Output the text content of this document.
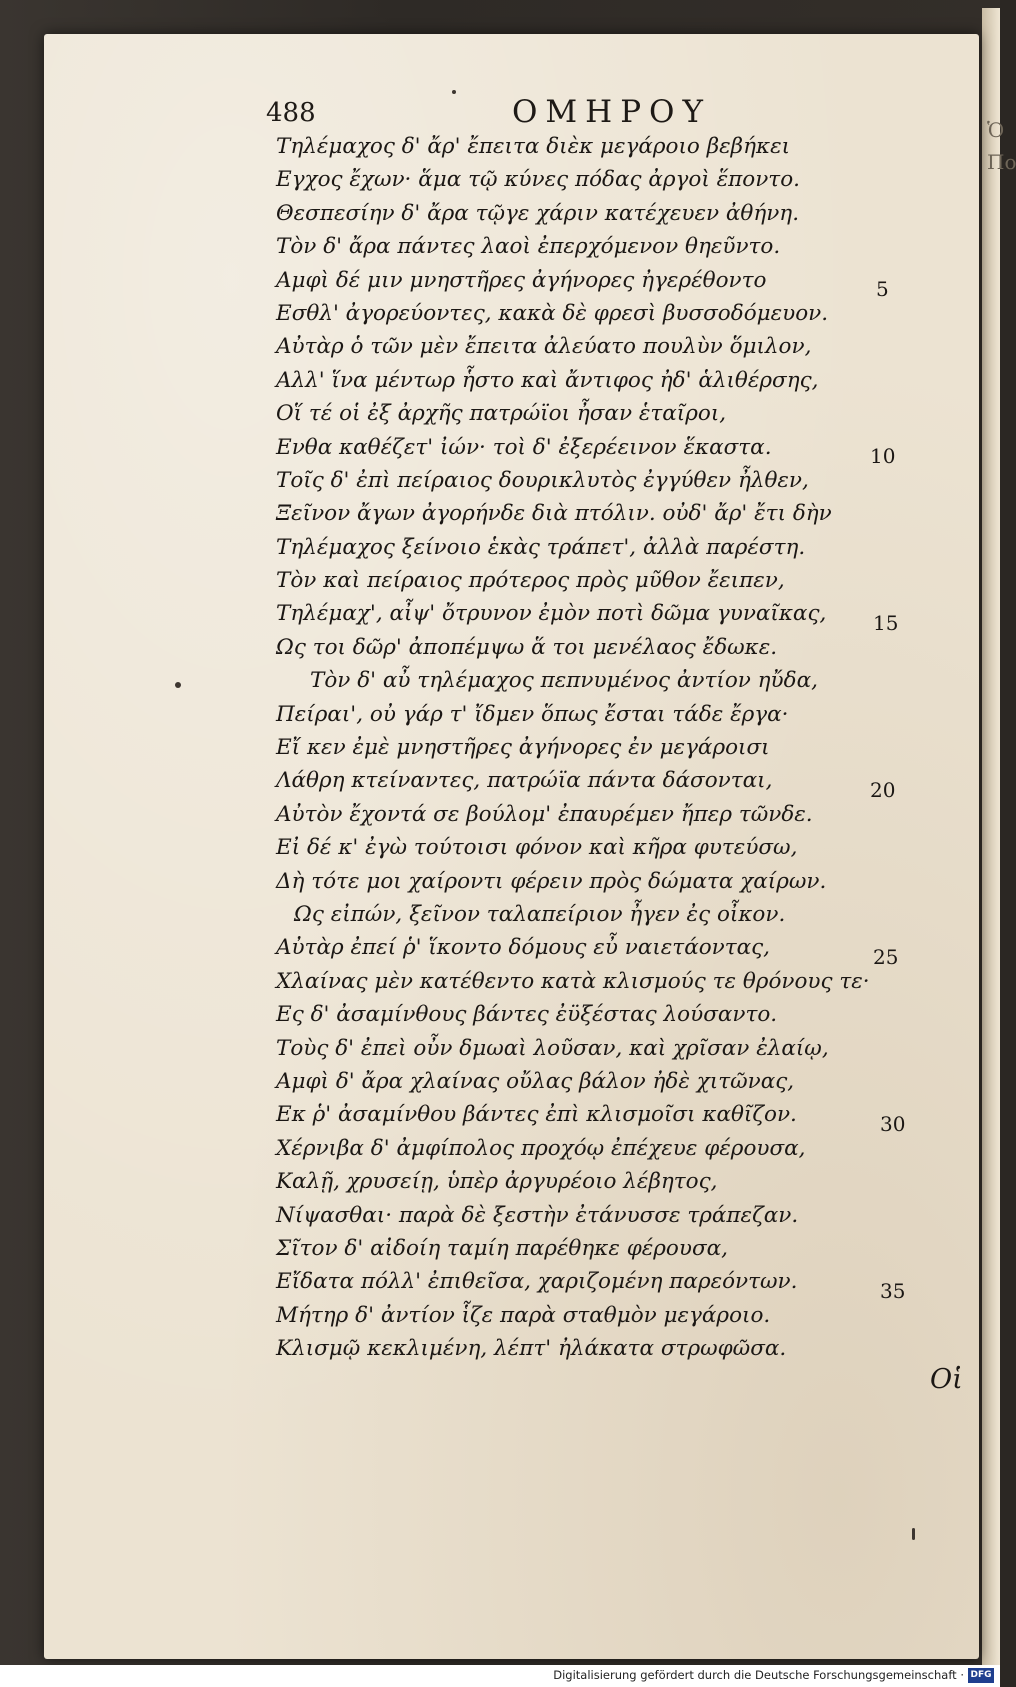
Ὁ
Πο
488	ΟΜΗΡΟΥ
Τηλέμαχος δ' ἄρ' ἔπειτα διὲκ μεγάροιο βεβήκει
Εγχος ἔχων· ἅμα τῷ κύνες πόδας ἀργοὶ ἕποντο.
Θεσπεσίην δ' ἄρα τῷγε χάριν κατέχευεν ἀθήνη.
Τὸν δ' ἄρα πάντες λαοὶ ἐπερχόμενον θηεῦντο.
Αμφὶ δέ μιν μνηστῆρες ἀγήνορες ἠγερέθοντο
Εσθλ' ἀγορεύοντες, κακὰ δὲ φρεσὶ βυσσοδόμευον.
Αὐτὰρ ὁ τῶν μὲν ἔπειτα ἀλεύατο πουλὺν ὅμιλον,
Αλλ' ἵνα μέντωρ ἧστο καὶ ἄντιφος ἠδ' ἁλιθέρσης,
Οἵ τέ οἱ ἐξ ἀρχῆς πατρώϊοι ἦσαν ἑταῖροι,
Ενθα καθέζετ' ἰών· τοὶ δ' ἐξερέεινον ἕκαστα.
Τοῖς δ' ἐπὶ πείραιος δουρικλυτὸς ἐγγύθεν ἦλθεν,
Ξεῖνον ἄγων ἀγορήνδε διὰ πτόλιν. οὐδ' ἄρ' ἔτι δὴν
Τηλέμαχος ξείνοιο ἑκὰς τράπετ', ἀλλὰ παρέστη.
Τὸν καὶ πείραιος πρότερος πρὸς μῦθον ἔειπεν,
Τηλέμαχ', αἶψ' ὄτρυνον ἐμὸν ποτὶ δῶμα γυναῖκας,
Ως τοι δῶρ' ἀποπέμψω ἅ τοι μενέλαος ἔδωκε.
Τὸν δ' αὖ τηλέμαχος πεπνυμένος ἀντίον ηὔδα,
Πείραι', οὐ γάρ τ' ἴδμεν ὅπως ἔσται τάδε ἔργα·
Εἴ κεν ἐμὲ μνηστῆρες ἀγήνορες ἐν μεγάροισι
Λάθρη κτείναντες, πατρώϊα πάντα δάσονται,
Αὐτὸν ἔχοντά σε βούλομ' ἐπαυρέμεν ἤπερ τῶνδε.
Εἰ δέ κ' ἐγὼ τούτοισι φόνον καὶ κῆρα φυτεύσω,
Δὴ τότε μοι χαίροντι φέρειν πρὸς δώματα χαίρων.
Ως εἰπών, ξεῖνον ταλαπείριον ἦγεν ἐς οἶκον.
Αὐτὰρ ἐπεί ῥ' ἵκοντο δόμους εὖ ναιετάοντας,
Χλαίνας μὲν κατέθεντο κατὰ κλισμούς τε θρόνους τε·
Ες δ' ἀσαμίνθους βάντες ἐϋξέστας λούσαντο.
Τοὺς δ' ἐπεὶ οὖν δμωαὶ λοῦσαν, καὶ χρῖσαν ἐλαίῳ,
Αμφὶ δ' ἄρα χλαίνας οὔλας βάλον ἠδὲ χιτῶνας,
Εκ ῥ' ἀσαμίνθου βάντες ἐπὶ κλισμοῖσι καθῖζον.
Χέρνιβα δ' ἀμφίπολος προχόῳ ἐπέχευε φέρουσα,
Καλῇ, χρυσείῃ, ὑπὲρ ἀργυρέοιο λέβητος,
Νίψασθαι· παρὰ δὲ ξεστὴν ἐτάνυσσε τράπεζαν.
Σῖτον δ' αἰδοίη ταμίη παρέθηκε φέρουσα,
Εἴδατα πόλλ' ἐπιθεῖσα, χαριζομένη παρεόντων.
Μήτηρ δ' ἀντίον ἷζε παρὰ σταθμὸν μεγάροιο.
Κλισμῷ κεκλιμένη, λέπτ' ἠλάκατα στρωφῶσα.
5
10
15
20
25
30
35
Οἱ
Digitalisierung gefördert durch die Deutsche Forschungsgemeinschaft · DFG
